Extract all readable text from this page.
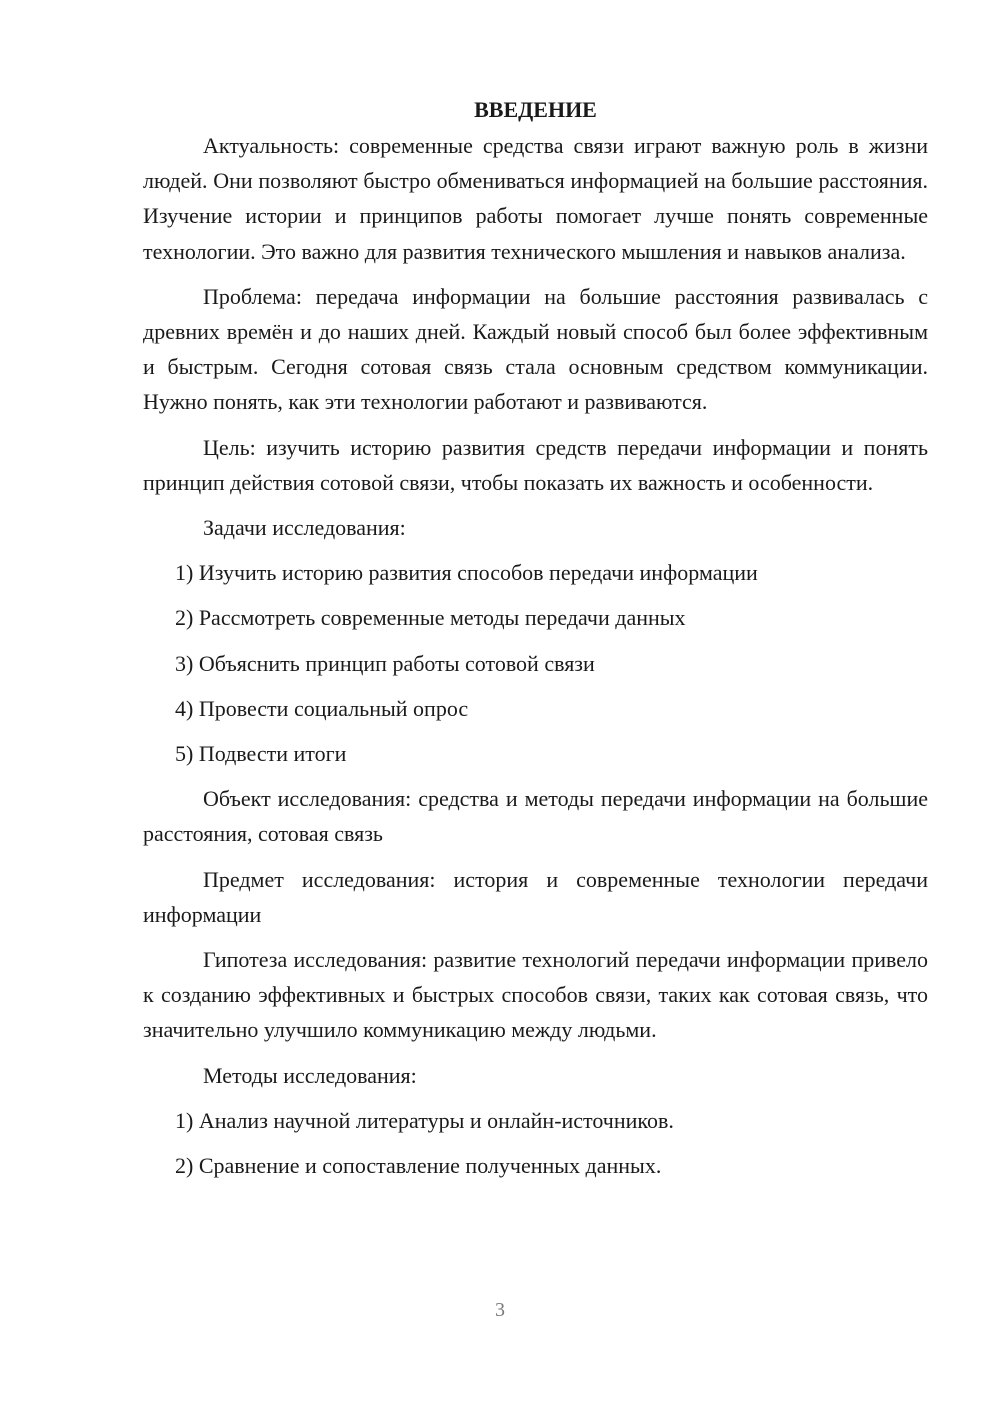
ВВЕДЕНИЕ

Актуальность: современные средства связи играют важную роль в жизни людей. Они позволяют быстро обмениваться информацией на большие расстояния. Изучение истории и принципов работы помогает лучше понять современные технологии. Это важно для развития технического мышления и навыков анализа.

Проблема: передача информации на большие расстояния развивалась с древних времён и до наших дней. Каждый новый способ был более эффективным и быстрым. Сегодня сотовая связь стала основным средством коммуникации. Нужно понять, как эти технологии работают и развиваются.

Цель: изучить историю развития средств передачи информации и понять принцип действия сотовой связи, чтобы показать их важность и особенности.

Задачи исследования:

1) Изучить историю развития способов передачи информации

2) Рассмотреть современные методы передачи данных

3) Объяснить принцип работы сотовой связи

4) Провести социальный опрос

5) Подвести итоги

Объект исследования: средства и методы передачи информации на большие расстояния, сотовая связь

Предмет исследования: история и современные технологии передачи информации

Гипотеза исследования: развитие технологий передачи информации привело к созданию эффективных и быстрых способов связи, таких как сотовая связь, что значительно улучшило коммуникацию между людьми.

Методы исследования:

1) Анализ научной литературы и онлайн-источников.

2) Сравнение и сопоставление полученных данных.

3
